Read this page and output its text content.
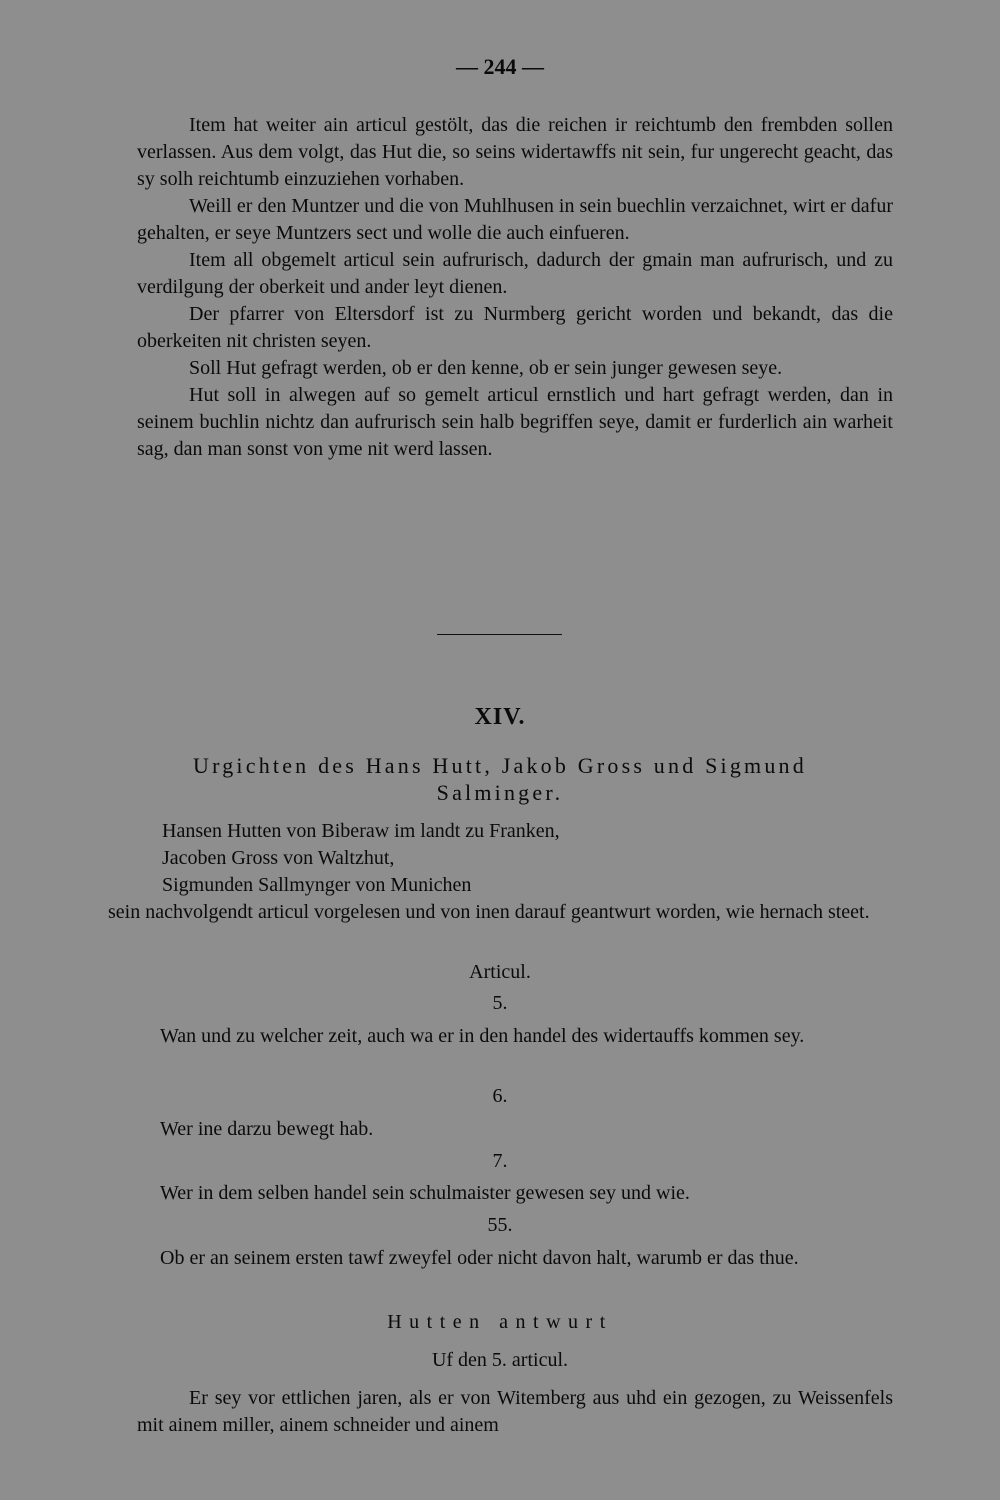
— 244 —

Item hat weiter ain articul gestölt, das die reichen ir reichtumb den frembden sollen verlassen. Aus dem volgt, das Hut die, so seins widertawffs nit sein, fur ungerecht geacht, das sy solh reichtumb einzuziehen vorhaben.

Weill er den Muntzer und die von Muhlhusen in sein buechlin verzaichnet, wirt er dafur gehalten, er seye Muntzers sect und wolle die auch einfueren.

Item all obgemelt articul sein aufrurisch, dadurch der gmain man aufrurisch, und zu verdilgung der oberkeit und ander leyt dienen.

Der pfarrer von Eltersdorf ist zu Nurmberg gericht worden und bekandt, das die oberkeiten nit christen seyen.

Soll Hut gefragt werden, ob er den kenne, ob er sein junger gewesen seye.

Hut soll in alwegen auf so gemelt articul ernstlich und hart gefragt werden, dan in seinem buchlin nichtz dan aufrurisch sein halb begriffen seye, damit er furderlich ain warheit sag, dan man sonst von yme nit werd lassen.

XIV.
Urgichten des Hans Hutt, Jakob Gross und Sigmund
Salminger.
Hansen Hutten von Biberaw im landt zu Franken,
Jacoben Gross von Waltzhut,
Sigmunden Sallmynger von Munichen

sein nachvolgendt articul vorgelesen und von inen darauf geantwurt worden, wie hernach steet.

Articul.
5.

Wan und zu welcher zeit, auch wa er in den handel des widertauffs kommen sey.

6.

Wer ine darzu bewegt hab.

7.

Wer in dem selben handel sein schulmaister gewesen sey und wie.

55.

Ob er an seinem ersten tawf zweyfel oder nicht davon halt, warumb er das thue.

Hutten antwurt
Uf den 5. articul.

Er sey vor ettlichen jaren, als er von Witemberg aus uhd ein gezogen, zu Weissenfels mit ainem miller, ainem schneider und ainem
